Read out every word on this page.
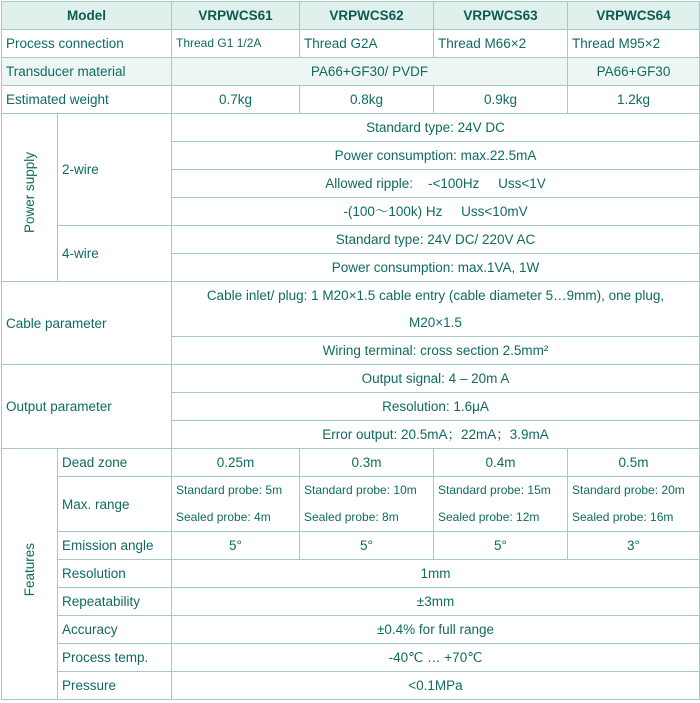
Model		VRPWCS61	VRPWCS62	VRPWCS63	VRPWCS64
Process connection		Thread G1 1/2A	Thread G2A	Thread M66×2	Thread M95×2
Transducer material		PA66+GF30/ PVDF			PA66+GF30
Estimated weight		0.7kg	0.8kg	0.9kg	1.2kg
Power supply	2-wire	Standard type: 24V DC			
		Power consumption: max.22.5mA			
		Allowed ripple:    -<100Hz     Uss<1V			
		-(100～100k) Hz     Uss<10mV			
	4-wire	Standard type: 24V DC/ 220V AC			
		Power consumption: max.1VA, 1W			
Cable parameter		Cable inlet/ plug: 1 M20×1.5 cable entry (cable diameter 5…9mm), one plug,			
		M20×1.5			
		Wiring terminal: cross section 2.5mm²			
Output parameter		Output signal: 4 – 20m A			
		Resolution: 1.6μA			
		Error output: 20.5mA；22mA；3.9mA			
Features	Dead zone	0.25m	0.3m	0.4m	0.5m
	Max. range	Standard probe: 5m	Standard probe: 10m	Standard probe: 15m	Standard probe: 20m
		Sealed probe: 4m	Sealed probe: 8m	Sealed probe: 12m	Sealed probe: 16m
	Emission angle	5°	5°	5°	3°
	Resolution	1mm			
	Repeatability	±3mm			
	Accuracy	±0.4% for full range			
	Process temp.	-40℃ … +70℃			
	Pressure	<0.1MPa			
